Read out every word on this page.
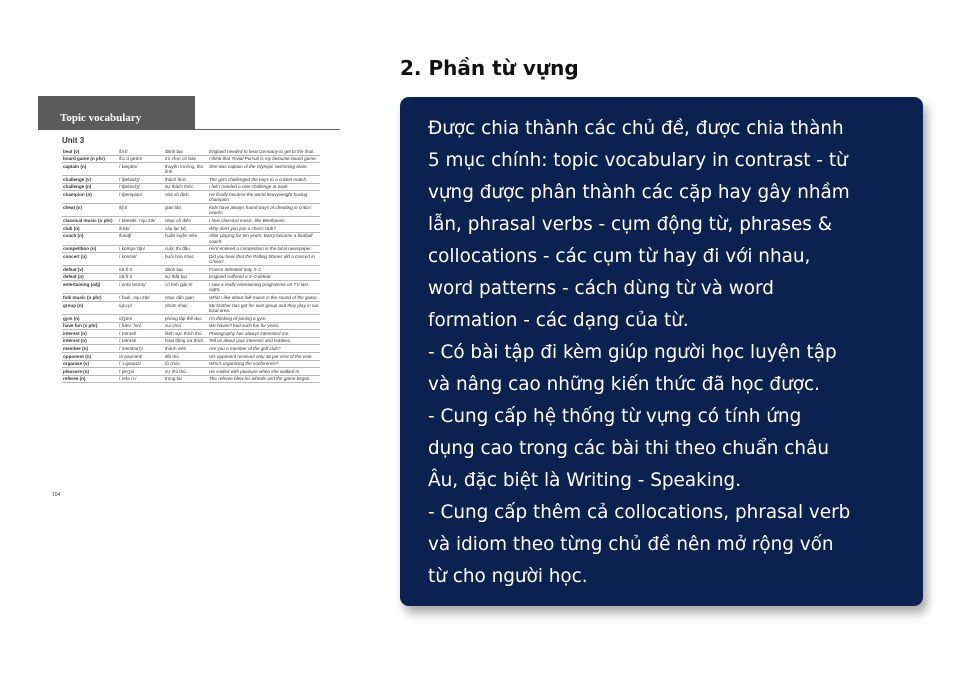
Topic vocabulary
Unit 3
beat (v)	/biːt/	đánh bại	England needed to beat Germany to get to the final.
board game (n phr)	/bɔːd ɡeɪm/	trò chơi cờ bàn	I think that Trivial Pursuit is my favourite board game.
captain (n)	/ˈkæptɪn/	thuyền trưởng, thủ lĩnh	She was captain of the Olympic swimming team.
challenge (v)	/ˈtʃælɪndʒ/	thách thức	The girls challenged the boys to a cricket match.
challenge (n)	/ˈtʃælɪndʒ/	sự thách thức	I felt I needed a new challenge at work.
champion (n)	/ˈtʃæmpiən/	nhà vô địch	He finally became the world heavyweight boxing champion.
cheat (v)	/tʃiːt/	gian lận	Kids have always found ways of cheating in critics' exams.
classical music (n phr)	/ˌklæsɪkl ˈmjuːzɪk/	nhạc cổ điển	I love classical music, like Beethoven.
club (n)	/klʌb/	câu lạc bộ	Why don't you join a chess club?
coach (n)	/kəʊtʃ/	huấn luyện viên	After playing for ten years, Barry became a football coach.
competition (n)	/ˌkɒmpəˈtɪʃn/	cuộc thi đấu	He'd entered a competition in the local newspaper.
concert (n)	/ˈkɒnsət/	buổi hòa nhạc	Did you hear that the Rolling Stones did a concert in China?
defeat (v)	/dɪˈfiːt/	đánh bại	France defeated Italy 3–1.
defeat (n)	/dɪˈfiːt/	sự thất bại	England suffered a 3–0 defeat.
entertaining (adj)	/ˌentəˈteɪnɪŋ/	có tính giải trí	I saw a really entertaining programme on TV last night.
folk music (n phr)	/ˈfəʊk ˌmjuːzɪk/	nhạc dân gian	What I like about folk music is the sound of the guitar.
group (n)	/ɡruːp/	nhóm nhạc	My brother has got his own group and they play in our local area.
gym (n)	/dʒɪm/	phòng tập thể dục	I'm thinking of joining a gym.
have fun (v phr)	/ˌhæv ˈfʌn/	vui chơi	We haven't had such fun for years.
interest (n)	/ˈɪntrəst/	lãnh vực thích thú	Photography has always interested me.
interest (n)	/ˈɪntrəst/	hoạt động ưa thích	Tell us about your interests and hobbies.
member (n)	/ˈmembə(r)/	thành viên	Are you a member of the golf club?
opponent (n)	/əˈpəʊnənt/	đối thủ	His opponent received only 36 per cent of the vote.
organise (v)	/ˈɔːɡənaɪz/	tổ chức	Who's organising the conference?
pleasure (n)	/ˈpleʒə/	sự thú thú	He smiled with pleasure when she walked in.
referee (n)	/ˌrefəˈriː/	trọng tài	The referee blew his whistle and the game began.
104
2. Phần từ vựng
Được chia thành các chủ đề, được chia thành
5 mục chính: topic vocabulary in contrast - từ
vựng được phân thành các cặp hay gây nhầm
lẫn, phrasal verbs - cụm động từ, phrases &
collocations - các cụm từ hay đi với nhau,
word patterns - cách dùng từ và word
formation - các dạng của từ.
- Có bài tập đi kèm giúp người học luyện tập
và nâng cao những kiến thức đã học được.
- Cung cấp hệ thống từ vựng có tính ứng
dụng cao trong các bài thi theo chuẩn châu
Âu, đặc biệt là Writing - Speaking.
- Cung cấp thêm cả collocations, phrasal verb
và idiom theo từng chủ đề nên mở rộng vốn
từ cho người học.
